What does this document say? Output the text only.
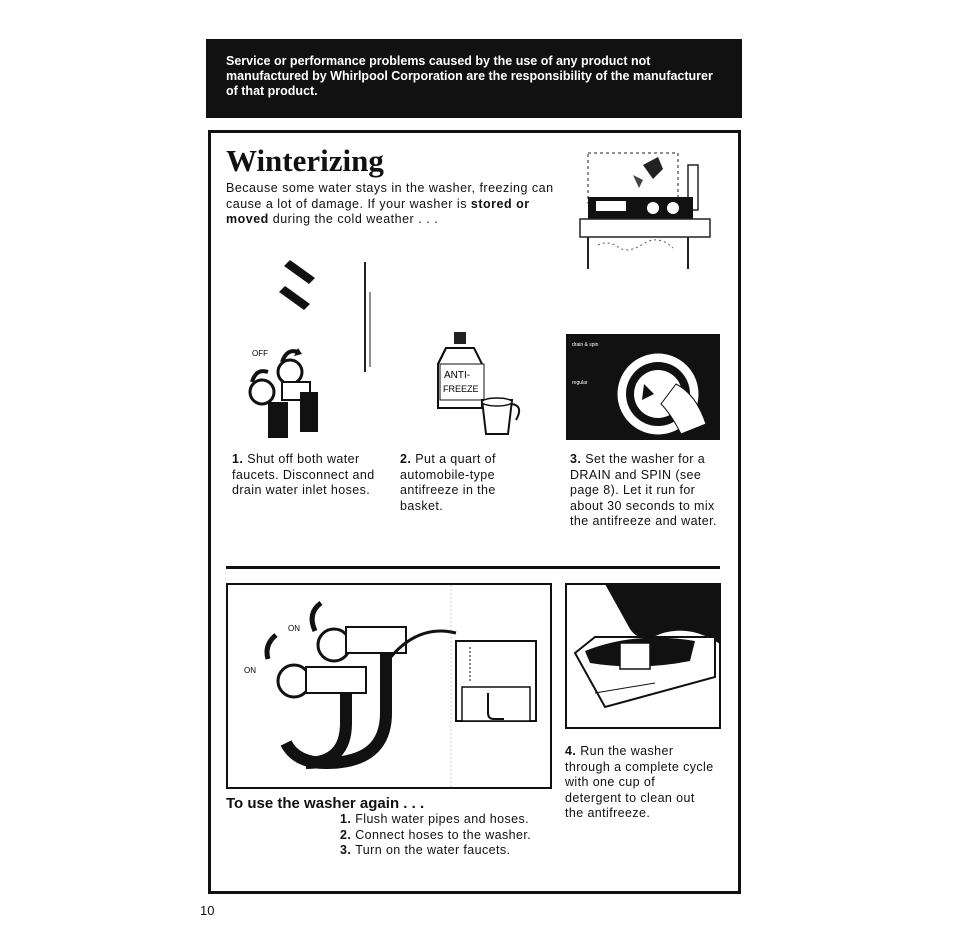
Service or performance problems caused by the use of any product not manufactured by Whirlpool Corporation are the responsibility of the manufacturer of that product.
Winterizing
Because some water stays in the washer, freezing can cause a lot of damage. If your washer is stored or moved during the cold weather . . .
OFF
ANTI-
FREEZE
drain & spin
regular
1. Shut off both water faucets. Disconnect and drain water inlet hoses.
2. Put a quart of automobile-type antifreeze in the basket.
3. Set the washer for a DRAIN and SPIN (see page 8). Let it run for about 30 seconds to mix the antifreeze and water.
ON
ON
4. Run the washer through a complete cycle with one cup of detergent to clean out the antifreeze.
To use the washer again . . .
1. Flush water pipes and hoses.
2. Connect hoses to the washer.
3. Turn on the water faucets.
10
